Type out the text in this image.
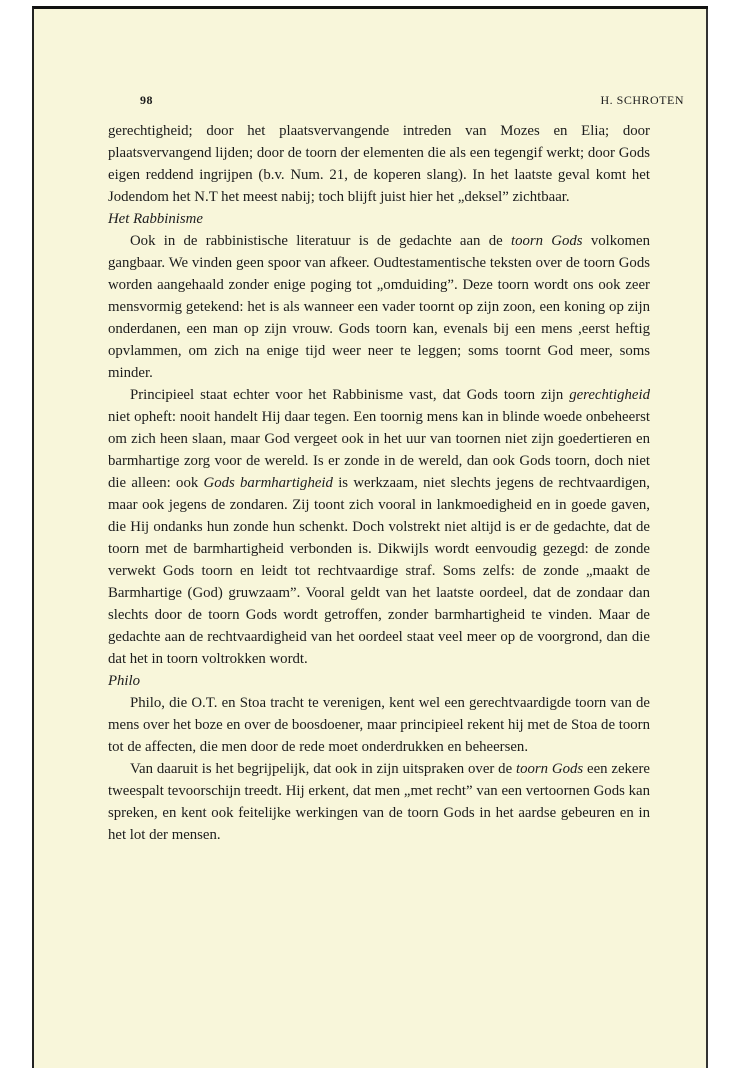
98	H. SCHROTEN

gerechtigheid; door het plaatsvervangende intreden van Mozes en Elia; door plaatsvervangend lijden; door de toorn der elementen die als een tegengif werkt; door Gods eigen reddend ingrijpen (b.v. Num. 21, de koperen slang). In het laatste geval komt het Jodendom het N.T het meest nabij; toch blijft juist hier het „deksel” zichtbaar.

Het Rabbinisme

Ook in de rabbinistische literatuur is de gedachte aan de toorn Gods volkomen gangbaar. We vinden geen spoor van afkeer. Oudtestamentische teksten over de toorn Gods worden aangehaald zonder enige poging tot „omduiding”. Deze toorn wordt ons ook zeer mensvormig getekend: het is als wanneer een vader toornt op zijn zoon, een koning op zijn onderdanen, een man op zijn vrouw. Gods toorn kan, evenals bij een mens ,eerst heftig opvlammen, om zich na enige tijd weer neer te leggen; soms toornt God meer, soms minder.

Principieel staat echter voor het Rabbinisme vast, dat Gods toorn zijn gerechtigheid niet opheft: nooit handelt Hij daar tegen. Een toornig mens kan in blinde woede onbeheerst om zich heen slaan, maar God vergeet ook in het uur van toornen niet zijn goedertieren en barmhartige zorg voor de wereld. Is er zonde in de wereld, dan ook Gods toorn, doch niet die alleen: ook Gods barmhartigheid is werkzaam, niet slechts jegens de rechtvaardigen, maar ook jegens de zondaren. Zij toont zich vooral in lankmoedigheid en in goede gaven, die Hij ondanks hun zonde hun schenkt. Doch volstrekt niet altijd is er de gedachte, dat de toorn met de barmhartigheid verbonden is. Dikwijls wordt eenvoudig gezegd: de zonde verwekt Gods toorn en leidt tot rechtvaardige straf. Soms zelfs: de zonde „maakt de Barmhartige (God) gruwzaam”. Vooral geldt van het laatste oordeel, dat de zondaar dan slechts door de toorn Gods wordt getroffen, zonder barmhartigheid te vinden. Maar de gedachte aan de rechtvaardigheid van het oordeel staat veel meer op de voorgrond, dan die dat het in toorn voltrokken wordt.

Philo

Philo, die O.T. en Stoa tracht te verenigen, kent wel een gerechtvaardigde toorn van de mens over het boze en over de boosdoener, maar principieel rekent hij met de Stoa de toorn tot de affecten, die men door de rede moet onderdrukken en beheersen.

Van daaruit is het begrijpelijk, dat ook in zijn uitspraken over de toorn Gods een zekere tweespalt tevoorschijn treedt. Hij erkent, dat men „met recht” van een vertoornen Gods kan spreken, en kent ook feitelijke werkingen van de toorn Gods in het aardse gebeuren en in het lot der mensen.
